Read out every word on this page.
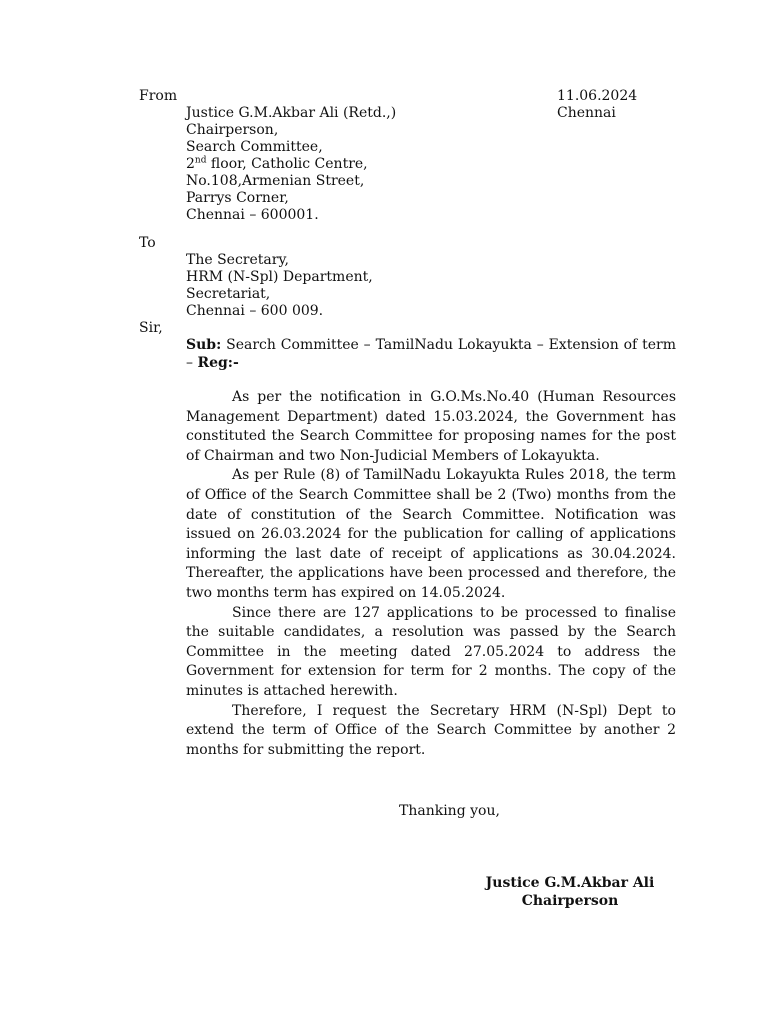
From	11.06.2024
Chennai
Justice G.M.Akbar Ali (Retd.,)
Chairperson,
Search Committee,
2nd floor, Catholic Centre,
No.108,Armenian Street,
Parrys Corner,
Chennai – 600001.
To
The Secretary,
HRM (N-Spl) Department,
Secretariat,
Chennai – 600 009.
Sir,
Sub: Search Committee – TamilNadu Lokayukta – Extension of term – Reg:-

As per the notification in G.O.Ms.No.40 (Human Resources Management Department) dated 15.03.2024, the Government has constituted the Search Committee for proposing names for the post of Chairman and two Non-Judicial Members of Lokayukta.

As per Rule (8) of TamilNadu Lokayukta Rules 2018, the term of Office of the Search Committee shall be 2 (Two) months from the date of constitution of the Search Committee. Notification was issued on 26.03.2024 for the publication for calling of applications informing the last date of receipt of applications as 30.04.2024. Thereafter, the applications have been processed and therefore, the two months term has expired on 14.05.2024.

Since there are 127 applications to be processed to finalise the suitable candidates, a resolution was passed by the Search Committee in the meeting dated 27.05.2024 to address the Government for extension for term for 2 months. The copy of the minutes is attached herewith.

Therefore, I request the Secretary HRM (N-Spl) Dept to extend the term of Office of the Search Committee by another 2 months for submitting the report.

Thanking you,
Justice G.M.Akbar Ali
Chairperson
